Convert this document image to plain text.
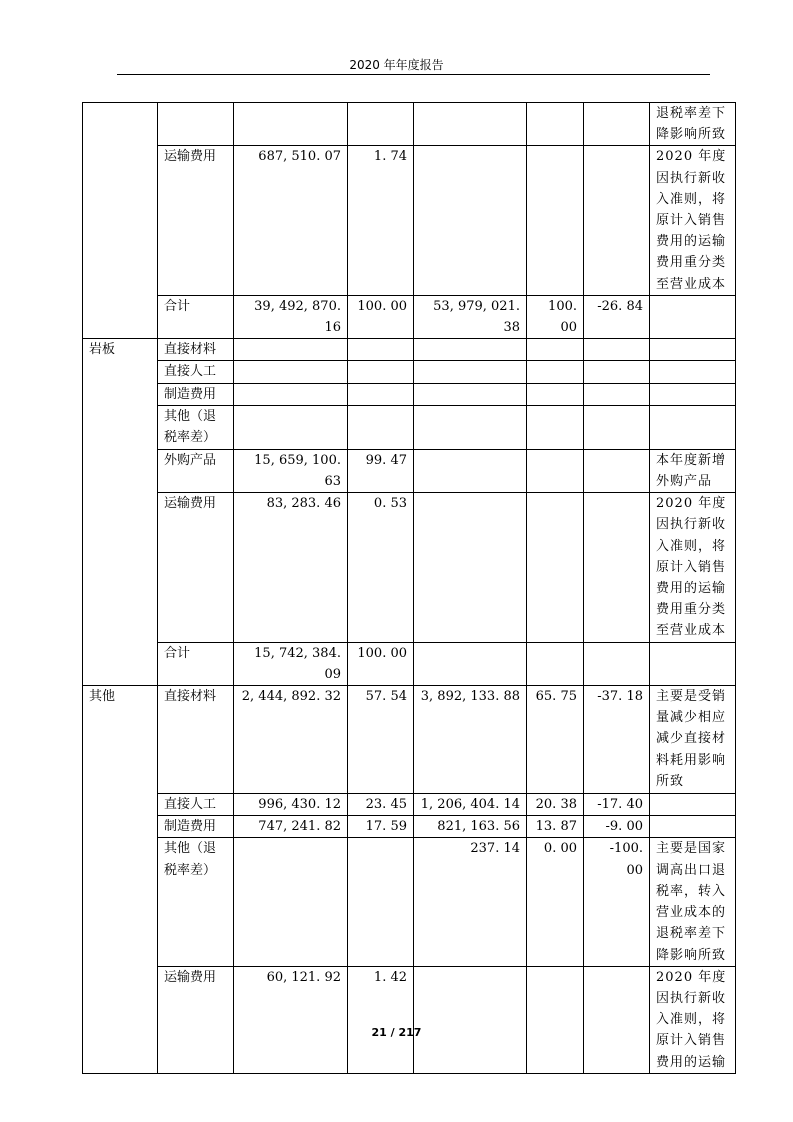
2020 年年度报告
							退税率差下降影响所致
	运输费用	687, 510. 07	1. 74				2020 年度因执行新收入准则，将原计入销售费用的运输费用重分类至营业成本
	合计	39, 492, 870. 16	100. 00	53, 979, 021. 38	100. 00	-26. 84	
岩板	直接材料						
	直接人工						
	制造费用						
	其他（退税率差）						
	外购产品	15, 659, 100. 63	99. 47				本年度新增外购产品
	运输费用	83, 283. 46	0. 53				2020 年度因执行新收入准则，将原计入销售费用的运输费用重分类至营业成本
	合计	15, 742, 384. 09	100. 00				
其他	直接材料	2, 444, 892. 32	57. 54	3, 892, 133. 88	65. 75	-37. 18	主要是受销量减少相应减少直接材料耗用影响所致
	直接人工	996, 430. 12	23. 45	1, 206, 404. 14	20. 38	-17. 40	
	制造费用	747, 241. 82	17. 59	821, 163. 56	13. 87	-9. 00	
	其他（退税率差）			237. 14	0. 00	-100. 00	主要是国家调高出口退税率，转入营业成本的退税率差下降影响所致
	运输费用	60, 121. 92	1. 42				2020 年度因执行新收入准则，将原计入销售费用的运输
21 / 217
